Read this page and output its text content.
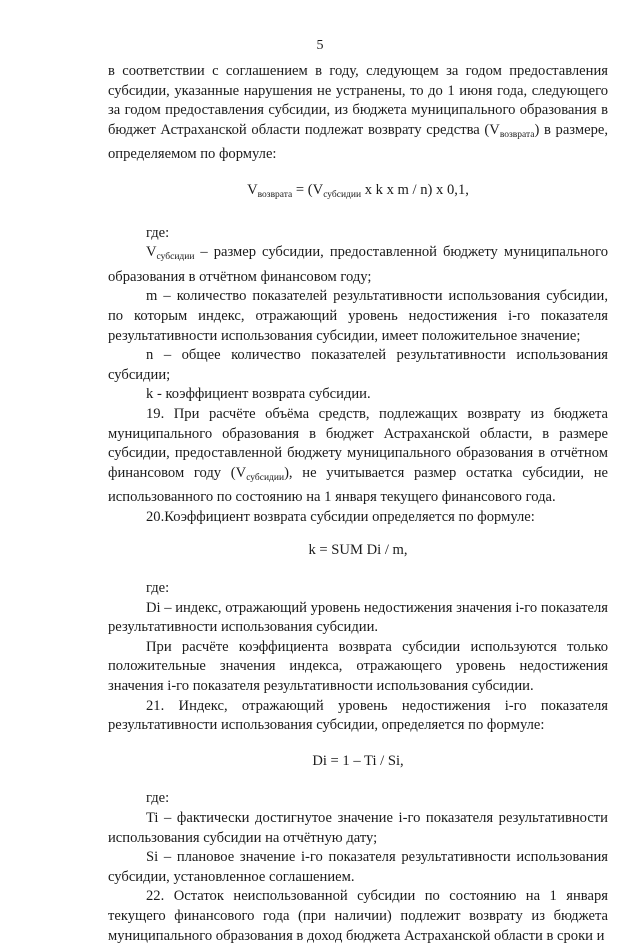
5

в соответствии с соглашением в году, следующем за годом предоставления субсидии, указанные нарушения не устранены, то до 1 июня года, следующего за годом предоставления субсидии, из бюджета муниципального образования в бюджет Астраханской области подлежат возврату средства $(V_{возврата})$ в размере, определяемом по формуле:

$V_{возврата} = (V_{субсидии}$ x k x m / n) x 0,1,

где:

$V_{субсидии}$ – размер субсидии, предоставленной бюджету муниципального образования в отчётном финансовом году;

m – количество показателей результативности использования субсидии, по которым индекс, отражающий уровень недостижения i-го показателя результативности использования субсидии, имеет положительное значение;

n – общее количество показателей результативности использования субсидии;

k - коэффициент возврата субсидии.

19. При расчёте объёма средств, подлежащих возврату из бюджета муниципального образования в бюджет Астраханской области, в размере субсидии, предоставленной бюджету муниципального образования в отчётном финансовом году $(V_{субсидии})$, не учитывается размер остатка субсидии, не использованного по состоянию на 1 января текущего финансового года.

20.Коэффициент возврата субсидии определяется по формуле:

k = SUM Di / m,

где:

Di – индекс, отражающий уровень недостижения значения i-го показателя результативности использования субсидии.

При расчёте коэффициента возврата субсидии используются только положительные значения индекса, отражающего уровень недостижения значения i-го показателя результативности использования субсидии.

21. Индекс, отражающий уровень недостижения i-го показателя результативности использования субсидии, определяется по формуле:

Di = 1 – Ti / Si,

где:

Ti – фактически достигнутое значение i-го показателя результативности использования субсидии на отчётную дату;

Si – плановое значение i-го показателя результативности использования субсидии, установленное соглашением.

22. Остаток неиспользованной субсидии по состоянию на 1 января текущего финансового года (при наличии) подлежит возврату из бюджета муниципального образования в доход бюджета Астраханской области в сроки и
